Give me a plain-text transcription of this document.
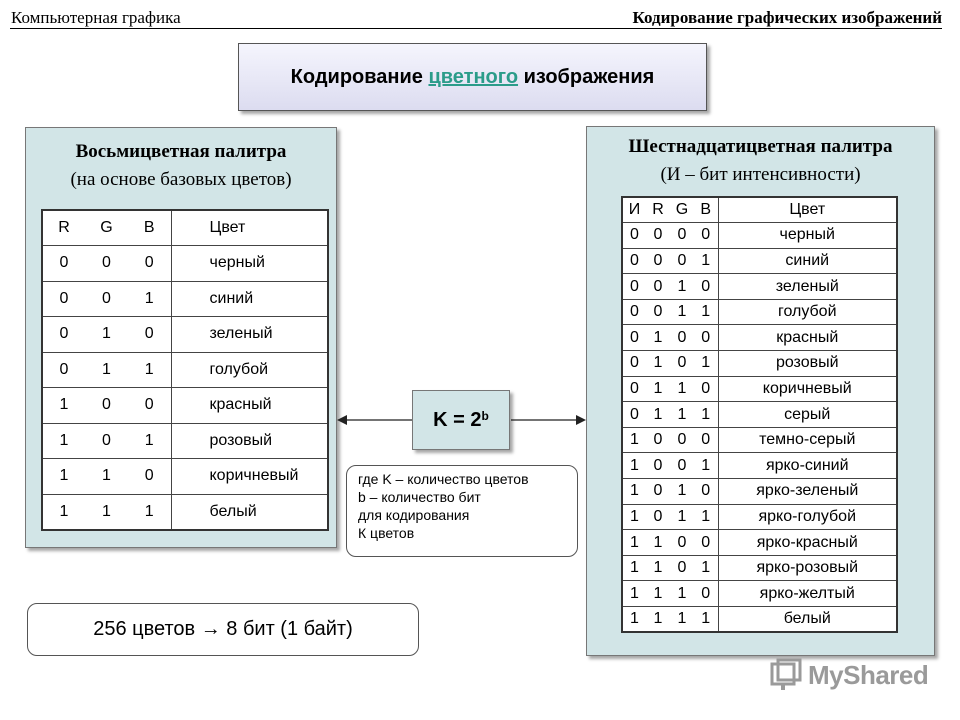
Компьютерная графика	Кодирование графических изображений
Кодирование цветного изображения
Восьмицветная палитра
(на основе базовых цветов)
R	G	B	Цвет
0	0	0	черный
0	0	1	синий
0	1	0	зеленый
0	1	1	голубой
1	0	0	красный
1	0	1	розовый
1	1	0	коричневый
1	1	1	белый
Шестнадцатицветная палитра
(И – бит интенсивности)
И	R	G	B	Цвет
0	0	0	0	черный
0	0	0	1	синий
0	0	1	0	зеленый
0	0	1	1	голубой
0	1	0	0	красный
0	1	0	1	розовый
0	1	1	0	коричневый
0	1	1	1	серый
1	0	0	0	темно-серый
1	0	0	1	ярко-синий
1	0	1	0	ярко-зеленый
1	0	1	1	ярко-голубой
1	1	0	0	ярко-красный
1	1	0	1	ярко-розовый
1	1	1	0	ярко-желтый
1	1	1	1	белый
$K = 2^b$
где K – количество цветов
b – количество бит
для кодирования
К цветов
256 цветов → 8 бит (1 байт)
MyShared
